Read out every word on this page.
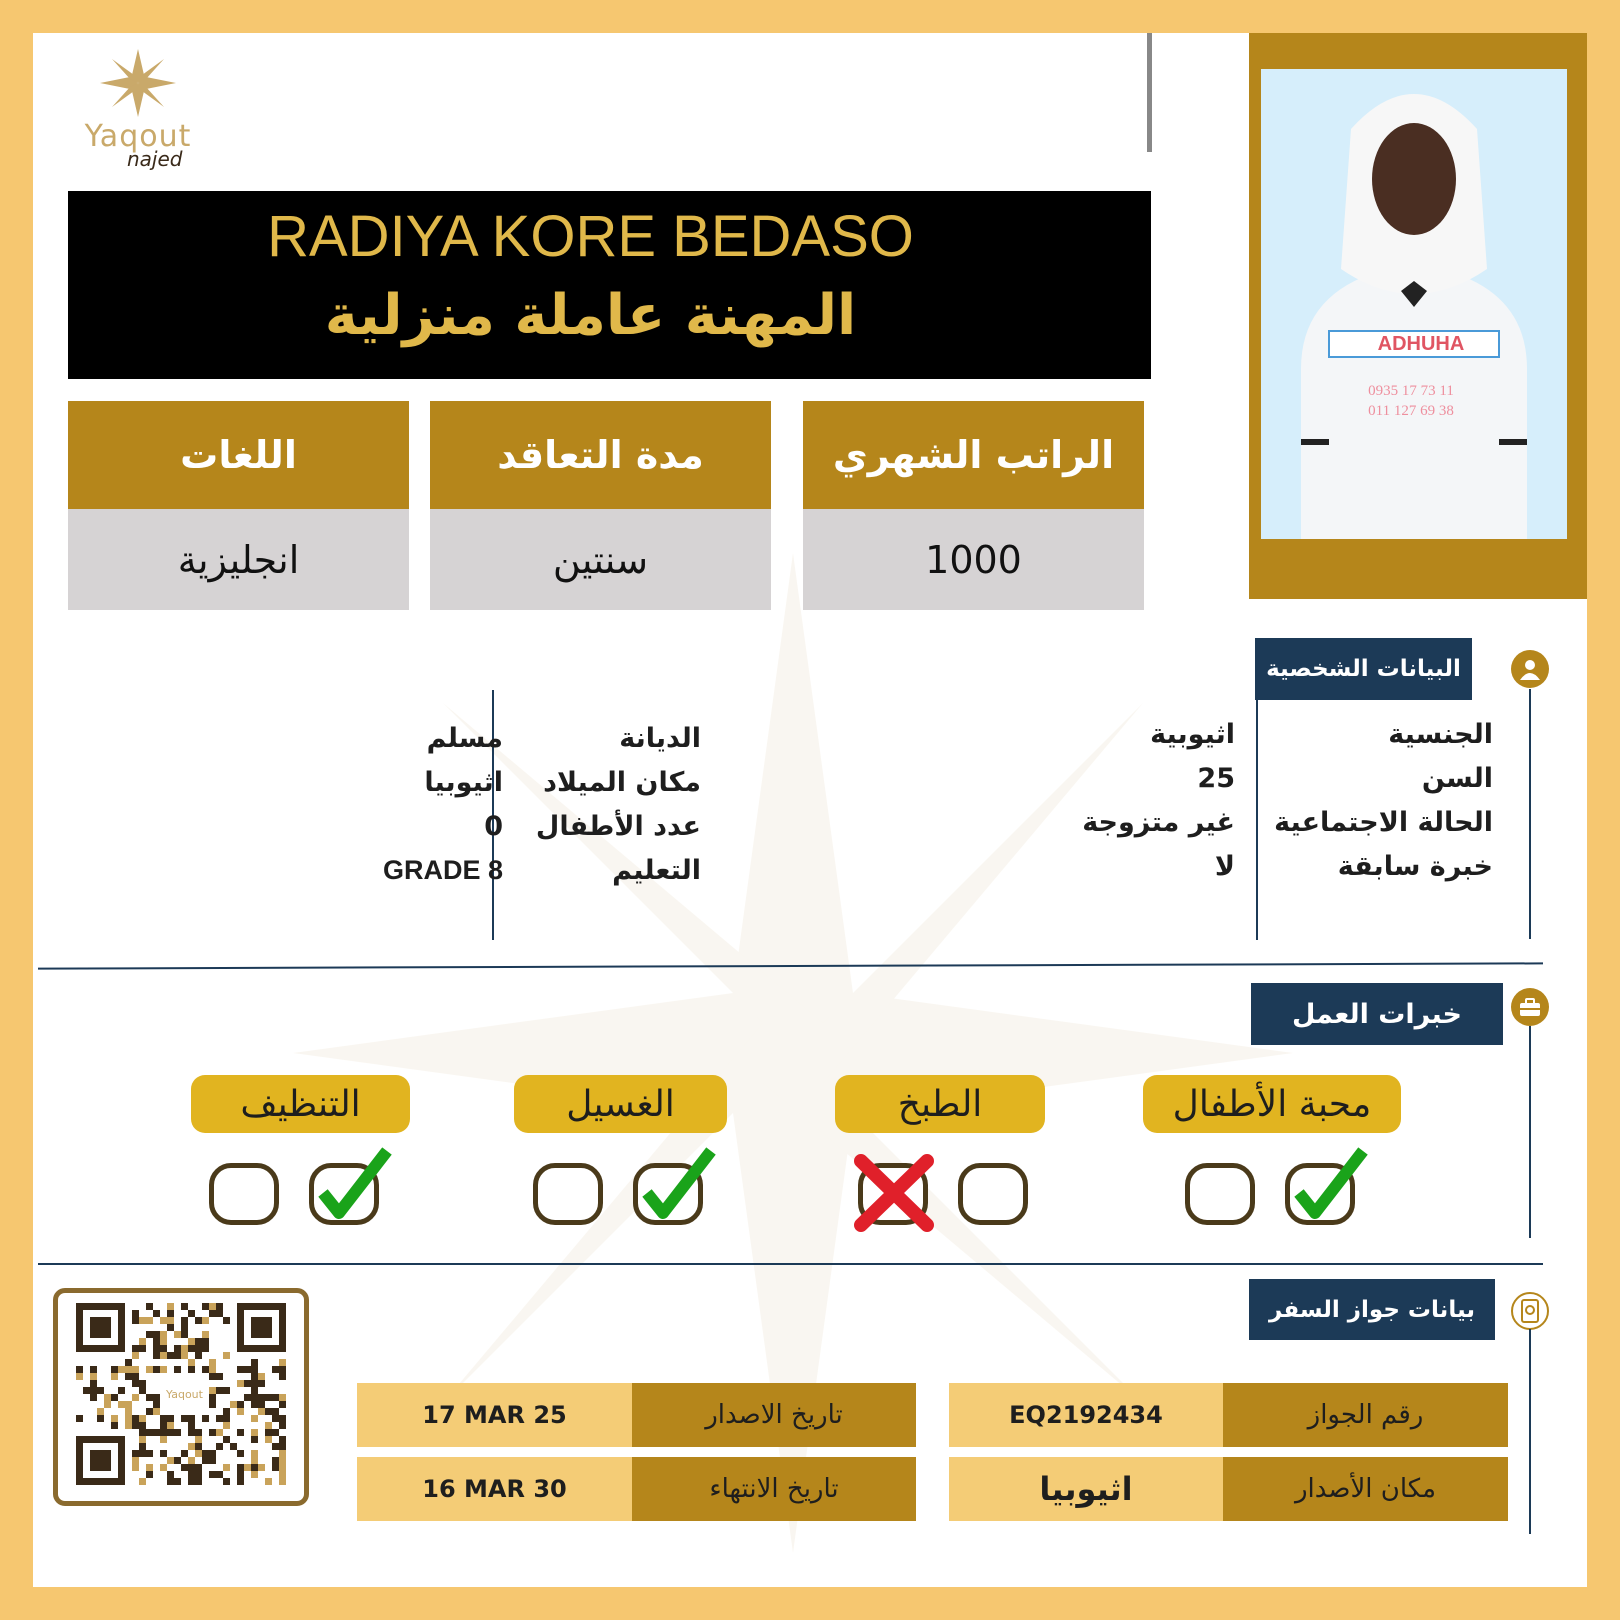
Yaqout
najed
RADIYA KORE BEDASO
المهنة عاملة منزلية	ADHUHA
0935 17 73 11
011 127 69 38
اللغات
انجليزية
مدة التعاقد
سنتين
الراتب الشهري
1000
البيانات الشخصية
الجنسية
السن
الحالة الاجتماعية
خبرة سابقة
اثيوبية
25
غير متزوجة
لا
الديانة
مكان الميلاد
عدد الأطفال
التعليم
مسلم
اثيوبيا
0
GRADE 8
خبرات العمل
محبة الأطفال
الطبخ
الغسيل
التنظيف
بيانات جواز السفر
رقم الجواز
EQ2192434
مكان الأصدار
اثيوبيا
تاريخ الاصدار
17 MAR 25
تاريخ الانتهاء
16 MAR 30
Yaqout
